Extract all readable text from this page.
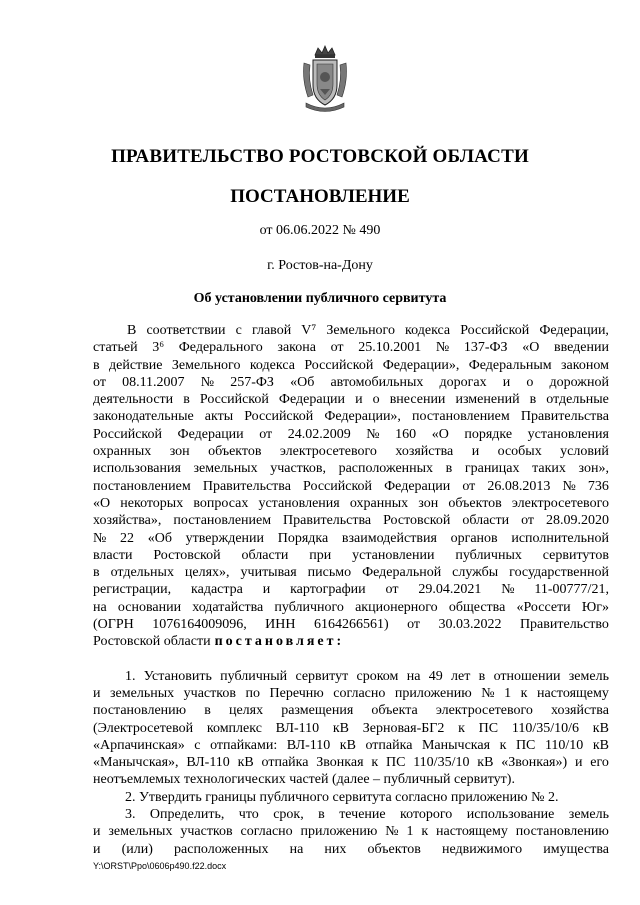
ПРАВИТЕЛЬСТВО РОСТОВСКОЙ ОБЛАСТИ
ПОСТАНОВЛЕНИЕ
от 06.06.2022 № 490
г. Ростов-на-Дону
Об установлении публичного сервитута
В соответствии с главой V⁷ Земельного кодекса Российской Федерации,
статьей 3⁶ Федерального закона от 25.10.2001 № 137-ФЗ «О введении
в действие Земельного кодекса Российской Федерации», Федеральным законом
от 08.11.2007 № 257-ФЗ «Об автомобильных дорогах и о дорожной
деятельности в Российской Федерации и о внесении изменений в отдельные
законодательные акты Российской Федерации», постановлением Правительства
Российской Федерации от 24.02.2009 № 160 «О порядке установления
охранных зон объектов электросетевого хозяйства и особых условий
использования земельных участков, расположенных в границах таких зон»,
постановлением Правительства Российской Федерации от 26.08.2013 № 736
«О некоторых вопросах установления охранных зон объектов электросетевого
хозяйства», постановлением Правительства Ростовской области от 28.09.2020
№ 22 «Об утверждении Порядка взаимодействия органов исполнительной
власти Ростовской области при установлении публичных сервитутов
в отдельных целях», учитывая письмо Федеральной службы государственной
регистрации, кадастра и картографии от 29.04.2021 № 11-00777/21,
на основании ходатайства публичного акционерного общества «Россети Юг»
(ОГРН 1076164009096, ИНН 6164266561) от 30.03.2022 Правительство
Ростовской области постановляет:
1. Установить публичный сервитут сроком на 49 лет в отношении земель
и земельных участков по Перечню согласно приложению № 1 к настоящему
постановлению в целях размещения объекта электросетевого хозяйства
(Электросетевой комплекс ВЛ-110 кВ Зерновая-БГ2 к ПС 110/35/10/6 кВ
«Арпачинская» с отпайками: ВЛ-110 кВ отпайка Манычская к ПС 110/10 кВ
«Манычская», ВЛ-110 кВ отпайка Звонкая к ПС 110/35/10 кВ «Звонкая») и его
неотъемлемых технологических частей (далее – публичный сервитут).
2. Утвердить границы публичного сервитута согласно приложению № 2.
3. Определить, что срок, в течение которого использование земель
и земельных участков согласно приложению № 1 к настоящему постановлению
и (или) расположенных на них объектов недвижимого имущества
Y:\ORST\Ppo\0606p490.f22.docx
